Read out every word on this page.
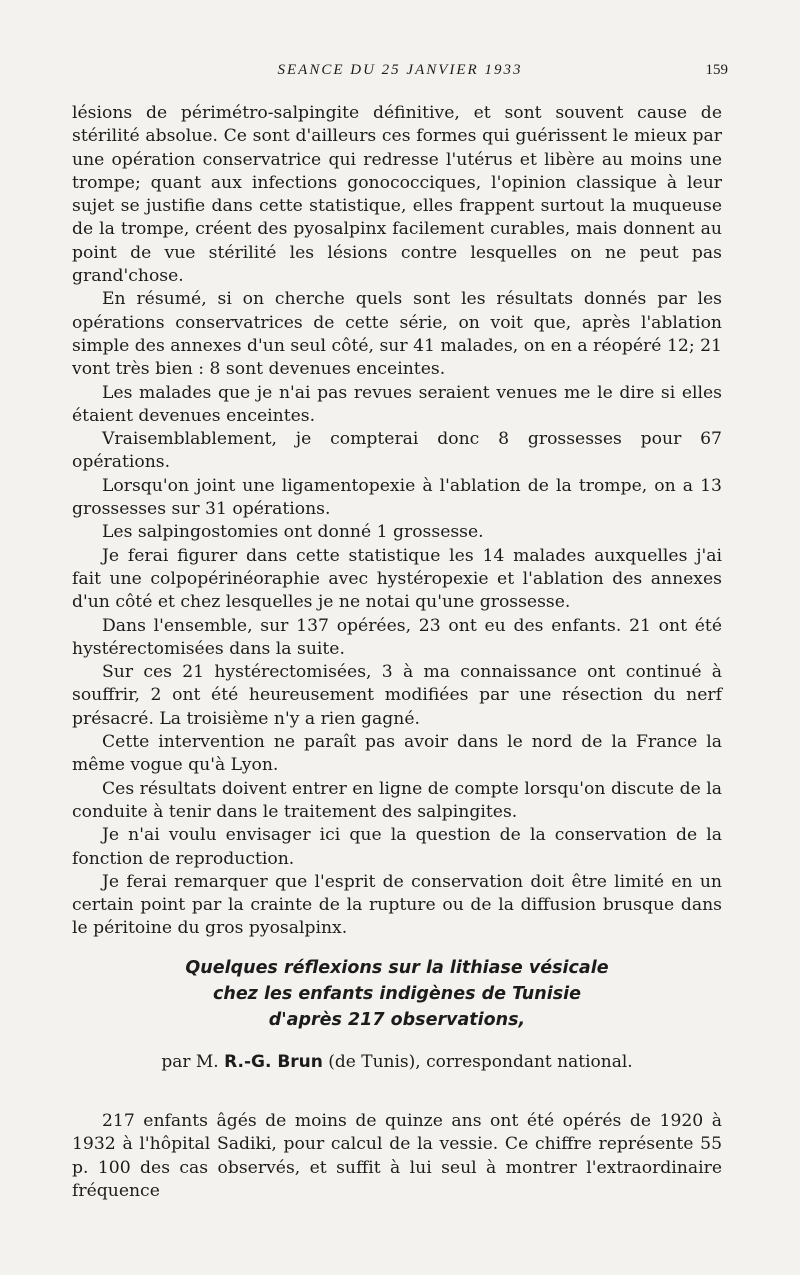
SEANCE DU 25 JANVIER 1933	159

lésions de périmétro-salpingite définitive, et sont souvent cause de stérilité absolue. Ce sont d'ailleurs ces formes qui guérissent le mieux par une opération conservatrice qui redresse l'utérus et libère au moins une trompe; quant aux infections gonococciques, l'opinion classique à leur sujet se justifie dans cette statistique, elles frappent surtout la muqueuse de la trompe, créent des pyosalpinx facilement curables, mais donnent au point de vue stérilité les lésions contre lesquelles on ne peut pas grand'chose.

En résumé, si on cherche quels sont les résultats donnés par les opérations conservatrices de cette série, on voit que, après l'ablation simple des annexes d'un seul côté, sur 41 malades, on en a réopéré 12; 21 vont très bien : 8 sont devenues enceintes.

Les malades que je n'ai pas revues seraient venues me le dire si elles étaient devenues enceintes.

Vraisemblablement, je compterai donc 8 grossesses pour 67 opérations.

Lorsqu'on joint une ligamentopexie à l'ablation de la trompe, on a 13 grossesses sur 31 opérations.

Les salpingostomies ont donné 1 grossesse.

Je ferai figurer dans cette statistique les 14 malades auxquelles j'ai fait une colpopérinéoraphie avec hystéropexie et l'ablation des annexes d'un côté et chez lesquelles je ne notai qu'une grossesse.

Dans l'ensemble, sur 137 opérées, 23 ont eu des enfants. 21 ont été hystérectomisées dans la suite.

Sur ces 21 hystérectomisées, 3 à ma connaissance ont continué à souffrir, 2 ont été heureusement modifiées par une résection du nerf présacré. La troisième n'y a rien gagné.

Cette intervention ne paraît pas avoir dans le nord de la France la même vogue qu'à Lyon.

Ces résultats doivent entrer en ligne de compte lorsqu'on discute de la conduite à tenir dans le traitement des salpingites.

Je n'ai voulu envisager ici que la question de la conservation de la fonction de reproduction.

Je ferai remarquer que l'esprit de conservation doit être limité en un certain point par la crainte de la rupture ou de la diffusion brusque dans le péritoine du gros pyosalpinx.

Quelques réflexions sur la lithiase vésicale
chez les enfants indigènes de Tunisie
d'après 217 observations,
par M. R.-G. Brun (de Tunis), correspondant national.

217 enfants âgés de moins de quinze ans ont été opérés de 1920 à 1932 à l'hôpital Sadiki, pour calcul de la vessie. Ce chiffre représente 55 p. 100 des cas observés, et suffit à lui seul à montrer l'extraordinaire fréquence
